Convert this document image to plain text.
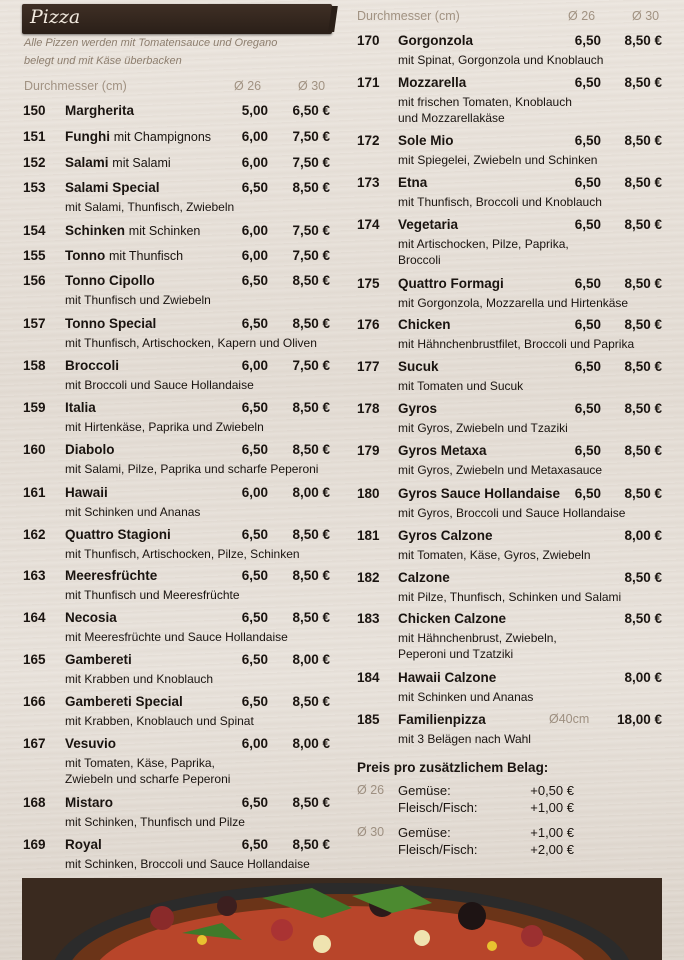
Pizza
Alle Pizzen werden mit Tomatensauce und Oregano
belegt und mit Käse überbacken
Durchmesser (cm)	Ø 26	Ø 30
Durchmesser (cm)	Ø 26	Ø 30
150 Margherita	5,00	6,50 €
151 Funghi mit Champignons	6,00	7,50 €
152 Salami mit Salami	6,00	7,50 €
153 Salami Special	6,50	8,50 €
mit Salami, Thunfisch, Zwiebeln
154 Schinken mit Schinken	6,00	7,50 €
155 Tonno mit Thunfisch	6,00	7,50 €
156 Tonno Cipollo	6,50	8,50 €
mit Thunfisch und Zwiebeln
157 Tonno Special	6,50	8,50 €
mit Thunfisch, Artischocken, Kapern und Oliven
158 Broccoli	6,00	7,50 €
mit Broccoli und Sauce Hollandaise
159 Italia	6,50	8,50 €
mit Hirtenkäse, Paprika und Zwiebeln
160 Diabolo	6,50	8,50 €
mit Salami, Pilze, Paprika und scharfe Peperoni
161 Hawaii	6,00	8,00 €
mit Schinken und Ananas
162 Quattro Stagioni	6,50	8,50 €
mit Thunfisch, Artischocken, Pilze, Schinken
163 Meeresfrüchte	6,50	8,50 €
mit Thunfisch und Meeresfrüchte
164 Necosia	6,50	8,50 €
mit Meeresfrüchte und Sauce Hollandaise
165 Gambereti	6,50	8,00 €
mit Krabben und Knoblauch
166 Gambereti Special	6,50	8,50 €
mit Krabben, Knoblauch und Spinat
167 Vesuvio	6,00	8,00 €
mit Tomaten, Käse, Paprika,
Zwiebeln und scharfe Peperoni
168 Mistaro	6,50	8,50 €
mit Schinken, Thunfisch und Pilze
169 Royal	6,50	8,50 €
mit Schinken, Broccoli und Sauce Hollandaise
170 Gorgonzola	6,50	8,50 €
mit Spinat, Gorgonzola und Knoblauch
171 Mozzarella	6,50	8,50 €
mit frischen Tomaten, Knoblauch
und Mozzarellakäse
172 Sole Mio	6,50	8,50 €
mit Spiegelei, Zwiebeln und Schinken
173 Etna	6,50	8,50 €
mit Thunfisch, Broccoli und Knoblauch
174 Vegetaria	6,50	8,50 €
mit Artischocken, Pilze, Paprika,
Broccoli
175 Quattro Formagi	6,50	8,50 €
mit Gorgonzola, Mozzarella und Hirtenkäse
176 Chicken	6,50	8,50 €
mit Hähnchenbrustfilet, Broccoli und Paprika
177 Sucuk	6,50	8,50 €
mit Tomaten und Sucuk
178 Gyros	6,50	8,50 €
mit Gyros, Zwiebeln und Tzaziki
179 Gyros Metaxa	6,50	8,50 €
mit Gyros, Zwiebeln und Metaxasauce
180 Gyros Sauce Hollandaise	6,50	8,50 €
mit Gyros, Broccoli und Sauce Hollandaise
181 Gyros Calzone	8,00 €
mit Tomaten, Käse, Gyros, Zwiebeln
182 Calzone	8,50 €
mit Pilze, Thunfisch, Schinken und Salami
183 Chicken Calzone	8,50 €
mit Hähnchenbrust, Zwiebeln,
Peperoni und Tzatziki
184 Hawaii Calzone	8,00 €
mit Schinken und Ananas
185 Familienpizza	Ø40cm	18,00 €
mit 3 Belägen nach Wahl
Preis pro zusätzlichem Belag:
Ø 26 Gemüse:	+0,50 €
Fleisch/Fisch:	+1,00 €
Ø 30 Gemüse:	+1,00 €
Fleisch/Fisch:	+2,00 €
